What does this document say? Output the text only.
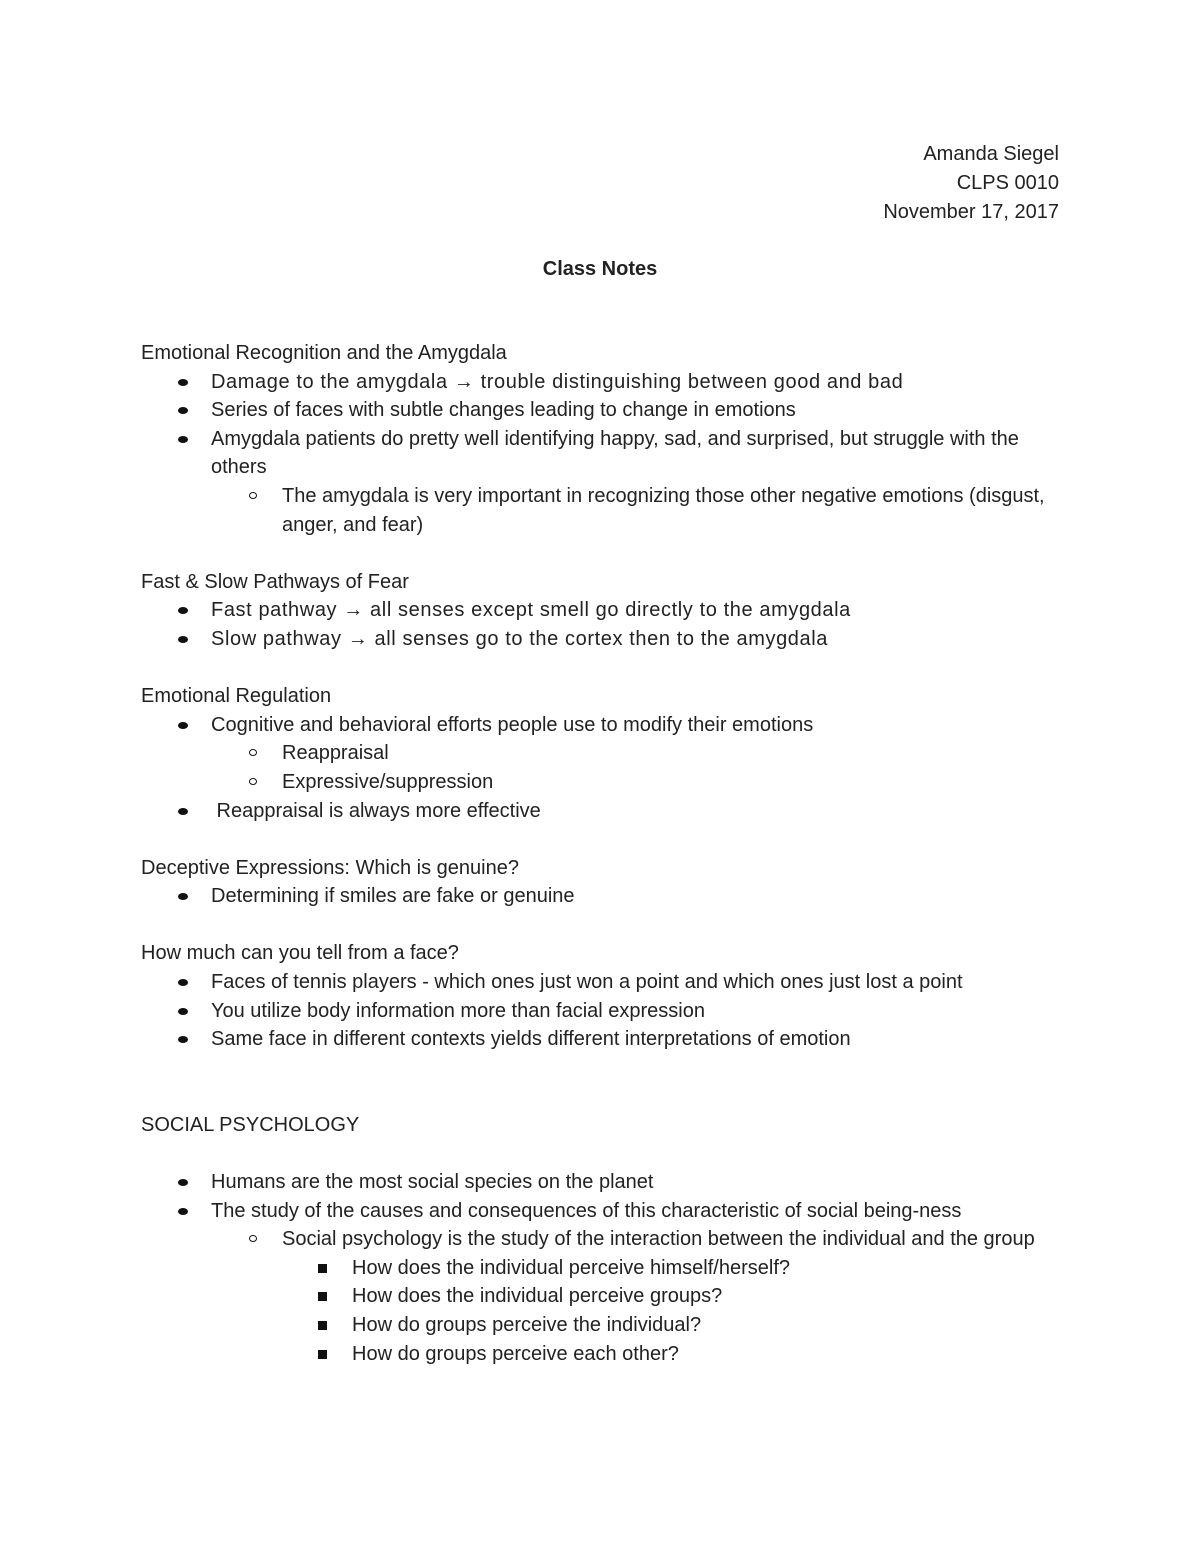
Amanda Siegel
CLPS 0010
November 17, 2017
Class Notes

Emotional Recognition and the Amygdala

Damage to the amygdala → trouble distinguishing between good and bad
Series of faces with subtle changes leading to change in emotions
Amygdala patients do pretty well identifying happy, sad, and surprised, but struggle with the others
The amygdala is very important in recognizing those other negative emotions (disgust, anger, and fear)

Fast & Slow Pathways of Fear

Fast pathway → all senses except smell go directly to the amygdala
Slow pathway → all senses go to the cortex then to the amygdala

Emotional Regulation

Cognitive and behavioral efforts people use to modify their emotions
Reappraisal
Expressive/suppression
Reappraisal is always more effective

Deceptive Expressions: Which is genuine?

Determining if smiles are fake or genuine

How much can you tell from a face?

Faces of tennis players - which ones just won a point and which ones just lost a point
You utilize body information more than facial expression
Same face in different contexts yields different interpretations of emotion

SOCIAL PSYCHOLOGY

Humans are the most social species on the planet
The study of the causes and consequences of this characteristic of social being-ness
Social psychology is the study of the interaction between the individual and the group
How does the individual perceive himself/herself?
How does the individual perceive groups?
How do groups perceive the individual?
How do groups perceive each other?
